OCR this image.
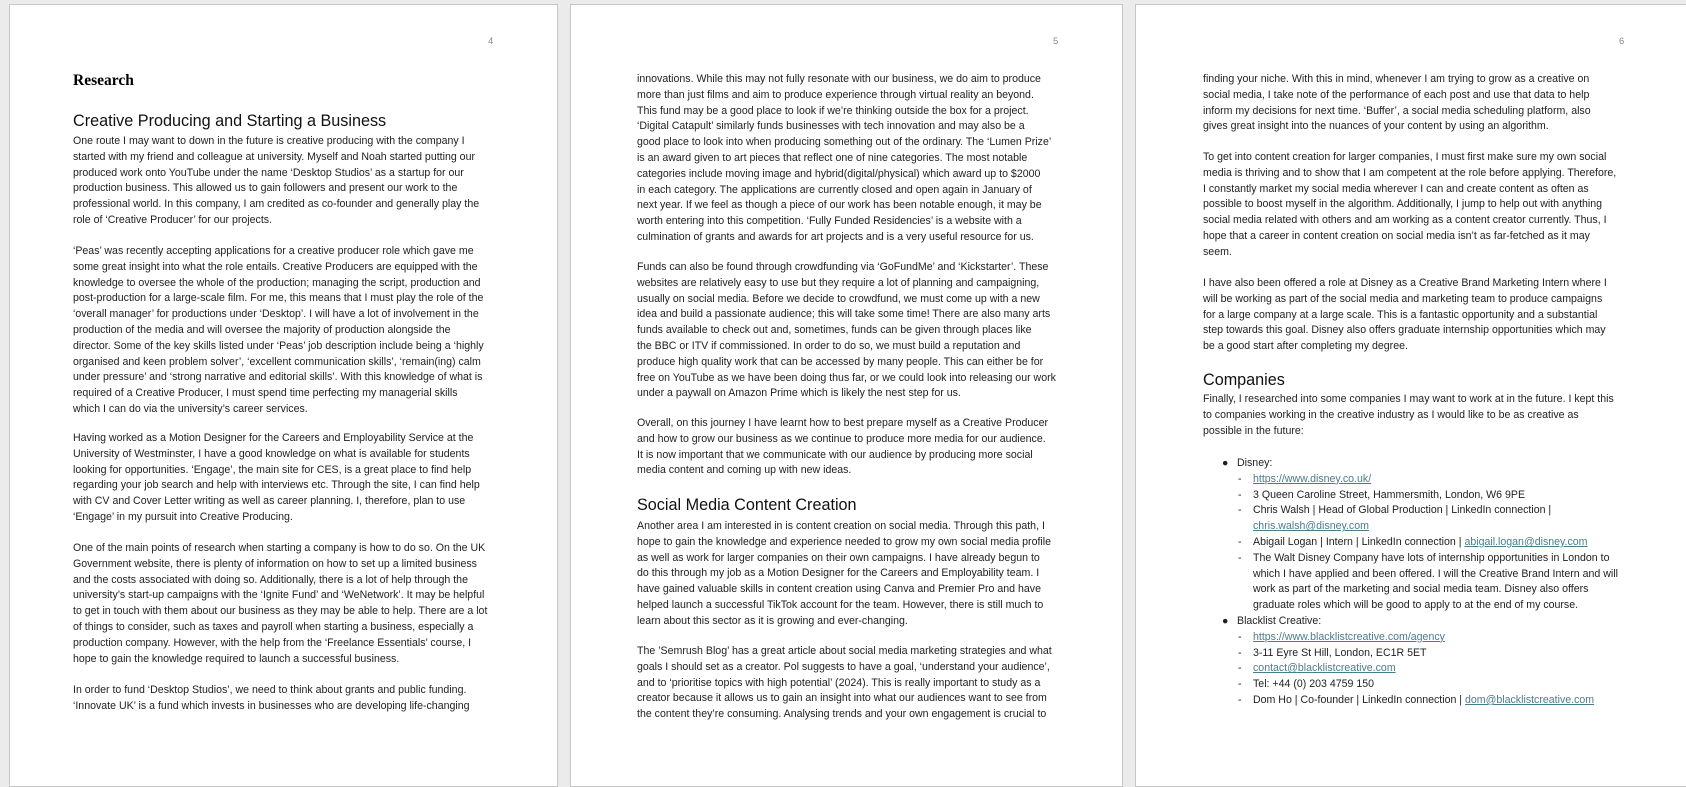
4
Research
Creative Producing and Starting a Business
One route I may want to down in the future is creative producing with the company I
started with my friend and colleague at university. Myself and Noah started putting our
produced work onto YouTube under the name ‘Desktop Studios’ as a startup for our
production business. This allowed us to gain followers and present our work to the
professional world. In this company, I am credited as co-founder and generally play the
role of ‘Creative Producer’ for our projects.
‘Peas’ was recently accepting applications for a creative producer role which gave me
some great insight into what the role entails. Creative Producers are equipped with the
knowledge to oversee the whole of the production; managing the script, production and
post-production for a large-scale film. For me, this means that I must play the role of the
‘overall manager’ for productions under ‘Desktop’. I will have a lot of involvement in the
production of the media and will oversee the majority of production alongside the
director. Some of the key skills listed under ‘Peas’ job description include being a ‘highly
organised and keen problem solver’, ‘excellent communication skills’, ‘remain(ing) calm
under pressure’ and ‘strong narrative and editorial skills’. With this knowledge of what is
required of a Creative Producer, I must spend time perfecting my managerial skills
which I can do via the university’s career services.
Having worked as a Motion Designer for the Careers and Employability Service at the
University of Westminster, I have a good knowledge on what is available for students
looking for opportunities. ‘Engage’, the main site for CES, is a great place to find help
regarding your job search and help with interviews etc. Through the site, I can find help
with CV and Cover Letter writing as well as career planning. I, therefore, plan to use
‘Engage’ in my pursuit into Creative Producing.
One of the main points of research when starting a company is how to do so. On the UK
Government website, there is plenty of information on how to set up a limited business
and the costs associated with doing so. Additionally, there is a lot of help through the
university’s start-up campaigns with the ‘Ignite Fund’ and ‘WeNetwork’. It may be helpful
to get in touch with them about our business as they may be able to help. There are a lot
of things to consider, such as taxes and payroll when starting a business, especially a
production company. However, with the help from the ‘Freelance Essentials’ course, I
hope to gain the knowledge required to launch a successful business.
In order to fund ‘Desktop Studios’, we need to think about grants and public funding.
‘Innovate UK’ is a fund which invests in businesses who are developing life-changing
5
innovations. While this may not fully resonate with our business, we do aim to produce
more than just films and aim to produce experience through virtual reality an beyond.
This fund may be a good place to look if we’re thinking outside the box for a project.
‘Digital Catapult’ similarly funds businesses with tech innovation and may also be a
good place to look into when producing something out of the ordinary. The ‘Lumen Prize’
is an award given to art pieces that reflect one of nine categories. The most notable
categories include moving image and hybrid(digital/physical) which award up to $2000
in each category. The applications are currently closed and open again in January of
next year. If we feel as though a piece of our work has been notable enough, it may be
worth entering into this competition. ‘Fully Funded Residencies’ is a website with a
culmination of grants and awards for art projects and is a very useful resource for us.
Funds can also be found through crowdfunding via ‘GoFundMe’ and ‘Kickstarter’. These
websites are relatively easy to use but they require a lot of planning and campaigning,
usually on social media. Before we decide to crowdfund, we must come up with a new
idea and build a passionate audience; this will take some time! There are also many arts
funds available to check out and, sometimes, funds can be given through places like
the BBC or ITV if commissioned. In order to do so, we must build a reputation and
produce high quality work that can be accessed by many people. This can either be for
free on YouTube as we have been doing thus far, or we could look into releasing our work
under a paywall on Amazon Prime which is likely the nest step for us.
Overall, on this journey I have learnt how to best prepare myself as a Creative Producer
and how to grow our business as we continue to produce more media for our audience.
It is now important that we communicate with our audience by producing more social
media content and coming up with new ideas.
Social Media Content Creation
Another area I am interested in is content creation on social media. Through this path, I
hope to gain the knowledge and experience needed to grow my own social media profile
as well as work for larger companies on their own campaigns. I have already begun to
do this through my job as a Motion Designer for the Careers and Employability team. I
have gained valuable skills in content creation using Canva and Premier Pro and have
helped launch a successful TikTok account for the team. However, there is still much to
learn about this sector as it is growing and ever-changing.
The ’Semrush Blog’ has a great article about social media marketing strategies and what
goals I should set as a creator. Pol suggests to have a goal, ‘understand your audience’,
and to ‘prioritise topics with high potential’ (2024). This is really important to study as a
creator because it allows us to gain an insight into what our audiences want to see from
the content they’re consuming. Analysing trends and your own engagement is crucial to
6
finding your niche. With this in mind, whenever I am trying to grow as a creative on
social media, I take note of the performance of each post and use that data to help
inform my decisions for next time. ‘Buffer’, a social media scheduling platform, also
gives great insight into the nuances of your content by using an algorithm.
To get into content creation for larger companies, I must first make sure my own social
media is thriving and to show that I am competent at the role before applying. Therefore,
I constantly market my social media wherever I can and create content as often as
possible to boost myself in the algorithm. Additionally, I jump to help out with anything
social media related with others and am working as a content creator currently. Thus, I
hope that a career in content creation on social media isn’t as far-fetched as it may
seem.
I have also been offered a role at Disney as a Creative Brand Marketing Intern where I
will be working as part of the social media and marketing team to produce campaigns
for a large company at a large scale. This is a fantastic opportunity and a substantial
step towards this goal. Disney also offers graduate internship opportunities which may
be a good start after completing my degree.
Companies
Finally, I researched into some companies I may want to work at in the future. I kept this
to companies working in the creative industry as I would like to be as creative as
possible in the future:
● Disney:
- https://www.disney.co.uk/
- 3 Queen Caroline Street, Hammersmith, London, W6 9PE
- Chris Walsh | Head of Global Production | LinkedIn connection |
chris.walsh@disney.com
- Abigail Logan | Intern | LinkedIn connection | abigail.logan@disney.com
- The Walt Disney Company have lots of internship opportunities in London to
which I have applied and been offered. I will the Creative Brand Intern and will
work as part of the marketing and social media team. Disney also offers
graduate roles which will be good to apply to at the end of my course.
● Blacklist Creative:
- https://www.blacklistcreative.com/agency
- 3-11 Eyre St Hill, London, EC1R 5ET
- contact@blacklistcreative.com
- Tel: +44 (0) 203 4759 150
- Dom Ho | Co-founder | LinkedIn connection | dom@blacklistcreative.com
